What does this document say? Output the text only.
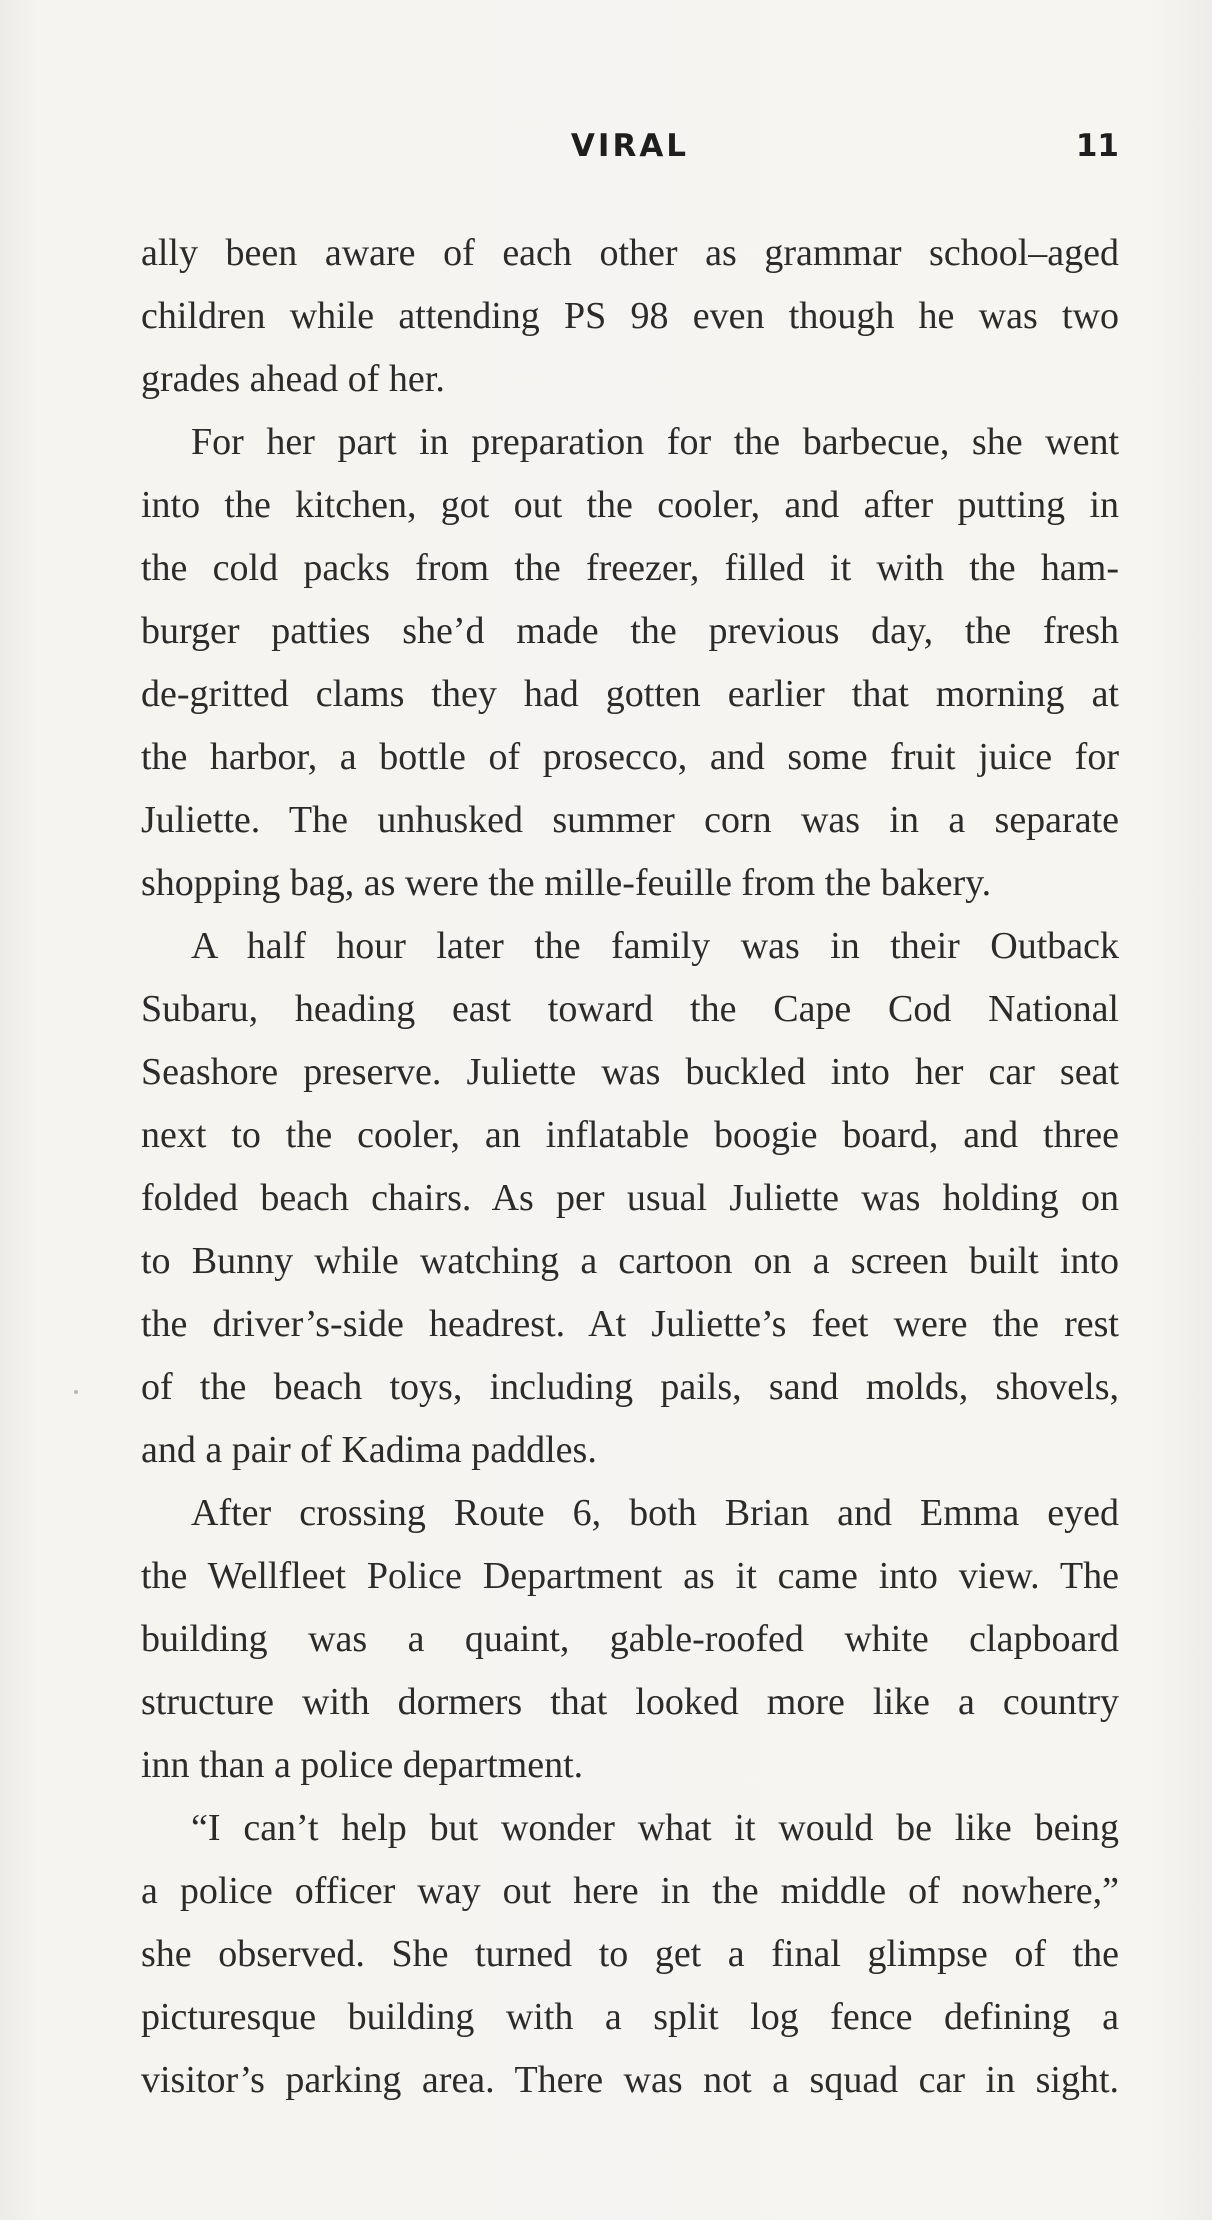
VIRAL	11
ally been aware of each other as grammar school–aged
children while attending PS 98 even though he was two
grades ahead of her.
For her part in preparation for the barbecue, she went
into the kitchen, got out the cooler, and after putting in
the cold packs from the freezer, filled it with the ham-
burger patties she’d made the previous day, the fresh
de-gritted clams they had gotten earlier that morning at
the harbor, a bottle of prosecco, and some fruit juice for
Juliette. The unhusked summer corn was in a separate
shopping bag, as were the mille-feuille from the bakery.
A half hour later the family was in their Outback
Subaru, heading east toward the Cape Cod National
Seashore preserve. Juliette was buckled into her car seat
next to the cooler, an inflatable boogie board, and three
folded beach chairs. As per usual Juliette was holding on
to Bunny while watching a cartoon on a screen built into
the driver’s-side headrest. At Juliette’s feet were the rest
of the beach toys, including pails, sand molds, shovels,
and a pair of Kadima paddles.
After crossing Route 6, both Brian and Emma eyed
the Wellfleet Police Department as it came into view. The
building was a quaint, gable-roofed white clapboard
structure with dormers that looked more like a country
inn than a police department.
“I can’t help but wonder what it would be like being
a police officer way out here in the middle of nowhere,”
she observed. She turned to get a final glimpse of the
picturesque building with a split log fence defining a
visitor’s parking area. There was not a squad car in sight.
